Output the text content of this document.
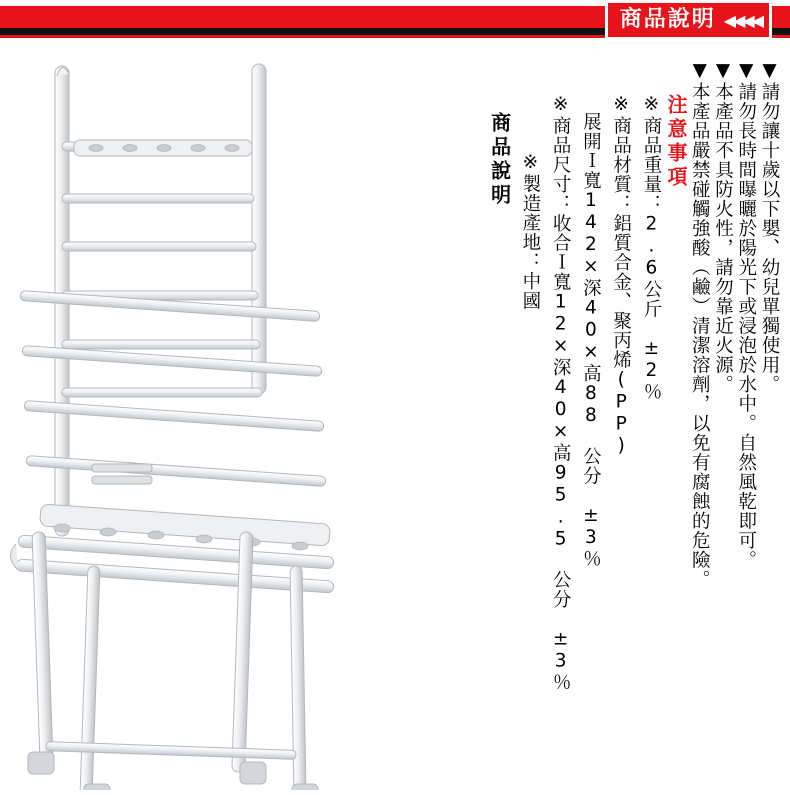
商品說明 ◀◀◀◀
▼請勿讓十歲以下嬰、幼兒單獨使用。
▼請勿長時間曝曬於陽光下或浸泡於水中。自然風乾即可。
▼本產品不具防火性，請勿靠近火源。
▼本產品嚴禁碰觸強酸（鹼）清潔溶劑，以免有腐蝕的危險。
注意事項
※商品重量：2.6公斤　±2％
※商品材質：鋁質合金、聚丙烯(PP)
展開Ｉ寬142×深40×高88　公分　±3％
※商品尺寸：收合Ｉ寬12×深40×高95.5　公分　±3％
※製造產地：中國
商品說明
